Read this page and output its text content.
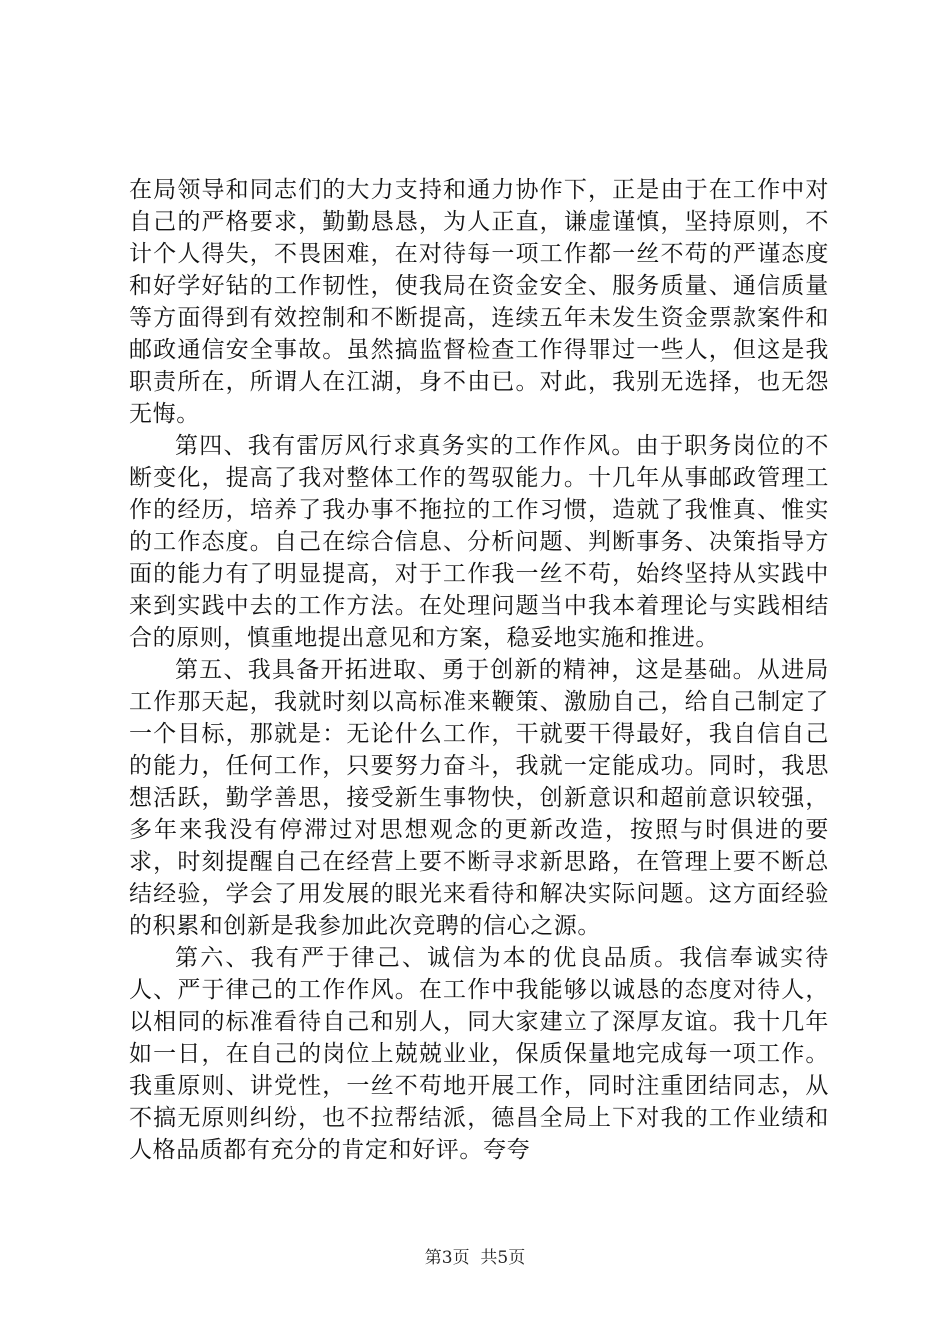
在局领导和同志们的大力支持和通力协作下，正是由于在工作中对自己的严格要求，勤勤恳恳，为人正直，谦虚谨慎，坚持原则，不计个人得失，不畏困难，在对待每一项工作都一丝不苟的严谨态度和好学好钻的工作韧性，使我局在资金安全、服务质量、通信质量等方面得到有效控制和不断提高，连续五年未发生资金票款案件和邮政通信安全事故。虽然搞监督检查工作得罪过一些人，但这是我职责所在，所谓人在江湖，身不由已。对此，我别无选择，也无怨无悔。

第四、我有雷厉风行求真务实的工作作风。由于职务岗位的不断变化，提高了我对整体工作的驾驭能力。十几年从事邮政管理工作的经历，培养了我办事不拖拉的工作习惯，造就了我惟真、惟实的工作态度。自己在综合信息、分析问题、判断事务、决策指导方面的能力有了明显提高，对于工作我一丝不苟，始终坚持从实践中来到实践中去的工作方法。在处理问题当中我本着理论与实践相结合的原则，慎重地提出意见和方案，稳妥地实施和推进。

第五、我具备开拓进取、勇于创新的精神，这是基础。从进局工作那天起，我就时刻以高标准来鞭策、激励自己，给自己制定了一个目标，那就是：无论什么工作，干就要干得最好，我自信自己的能力，任何工作，只要努力奋斗，我就一定能成功。同时，我思想活跃，勤学善思，接受新生事物快，创新意识和超前意识较强，多年来我没有停滞过对思想观念的更新改造，按照与时俱进的要求，时刻提醒自己在经营上要不断寻求新思路，在管理上要不断总结经验，学会了用发展的眼光来看待和解决实际问题。这方面经验的积累和创新是我参加此次竞聘的信心之源。

第六、我有严于律己、诚信为本的优良品质。我信奉诚实待人、严于律己的工作作风。在工作中我能够以诚恳的态度对待人，以相同的标准看待自己和别人，同大家建立了深厚友谊。我十几年如一日，在自己的岗位上兢兢业业，保质保量地完成每一项工作。我重原则、讲党性，一丝不苟地开展工作，同时注重团结同志，从不搞无原则纠纷，也不拉帮结派，德昌全局上下对我的工作业绩和人格品质都有充分的肯定和好评。夸夸

第3页  共5页
